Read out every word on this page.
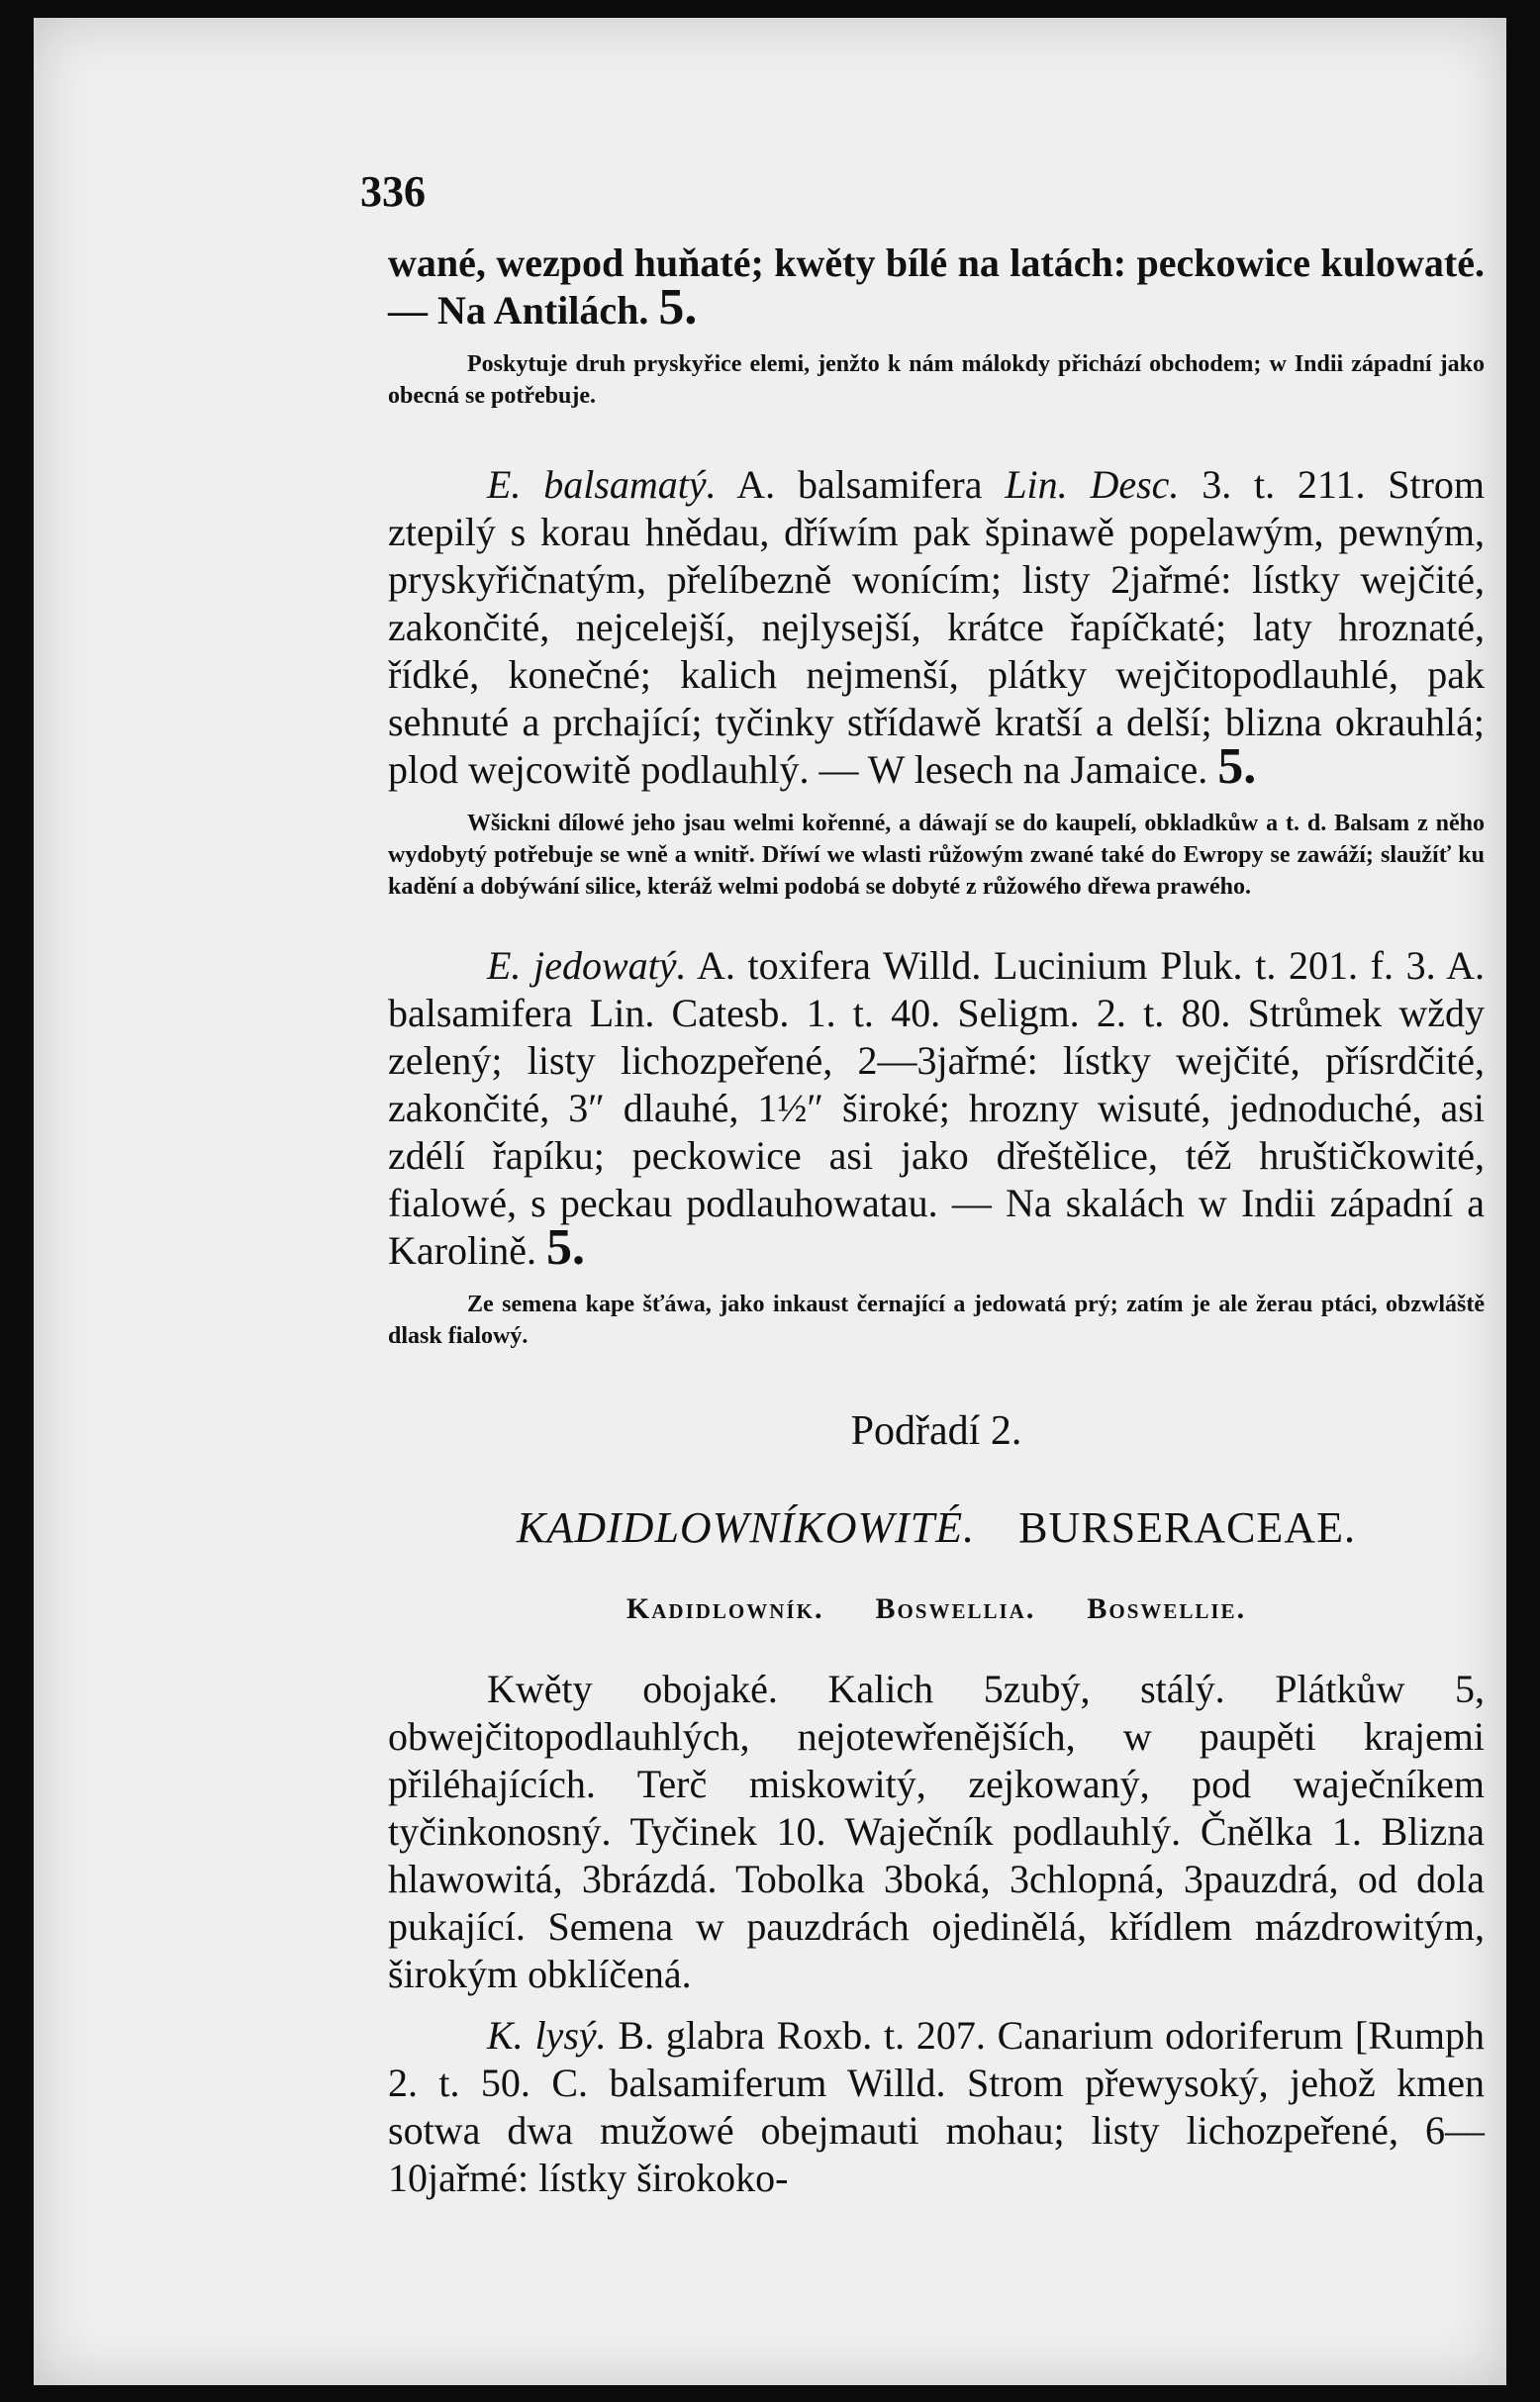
336

wané, wezpod huňaté; kwěty bílé na latách: peckowice kulowaté. — Na Antilách. 5.

Poskytuje druh pryskyřice elemi, jenžto k nám málokdy přichází obchodem; w Indii západní jako obecná se potřebuje.

E. balsamatý. A. balsamifera Lin. Desc. 3. t. 211. Strom ztepilý s korau hnědau, dříwím pak špinawě popelawým, pewným, pryskyřičnatým, přelíbezně wonícím; listy 2jařmé: lístky wejčité, zakončité, nejcelejší, nejlysejší, krátce řapíčkaté; laty hroznaté, řídké, konečné; kalich nejmenší, plátky wejčitopodlauhlé, pak sehnuté a prchající; tyčinky střídawě kratší a delší; blizna okrauhlá; plod wejcowitě podlauhlý. — W lesech na Jamaice. 5.

Wšickni dílowé jeho jsau welmi kořenné, a dáwají se do kaupelí, obkladkůw a t. d. Balsam z něho wydobytý potřebuje se wně a wnitř. Dříwí we wlasti růžowým zwané také do Ewropy se zawáží; slaužíť ku kadění a dobýwání silice, kteráž welmi podobá se dobyté z růžowého dřewa prawého.

E. jedowatý. A. toxifera Willd. Lucinium Pluk. t. 201. f. 3. A. balsamifera Lin. Catesb. 1. t. 40. Seligm. 2. t. 80. Strůmek wždy zelený; listy lichozpeřené, 2—3jařmé: lístky wejčité, přísrdčité, zakončité, 3″ dlauhé, 1½″ široké; hrozny wisuté, jednoduché, asi zdélí řapíku; peckowice asi jako dřeštělice, též hruštičkowité, fialowé, s peckau podlauhowatau. — Na skalách w Indii západní a Karolině. 5.

Ze semena kape šťáwa, jako inkaust černající a jedowatá prý; zatím je ale žerau ptáci, obzwláště dlask fialowý.

Podřadí 2.
KADIDLOWNÍKOWITÉ. BURSERACEAE.
Kadidlowník. Boswellia. Boswellie.

Kwěty obojaké. Kalich 5zubý, stálý. Plátkůw 5, obwejčitopodlauhlých, nejotewřenějších, w paupěti krajemi přiléhajících. Terč miskowitý, zejkowaný, pod waječníkem tyčinkonosný. Tyčinek 10. Waječník podlauhlý. Čnělka 1. Blizna hlawowitá, 3brázdá. Tobolka 3boká, 3chlopná, 3pauzdrá, od dola pukající. Semena w pauzdrách ojedinělá, křídlem mázdrowitým, širokým obklíčená.

K. lysý. B. glabra Roxb. t. 207. Canarium odoriferum [Rumph 2. t. 50. C. balsamiferum Willd. Strom přewysoký, jehož kmen sotwa dwa mužowé obejmauti mohau; listy lichozpeřené, 6—10jařmé: lístky širokoko-
